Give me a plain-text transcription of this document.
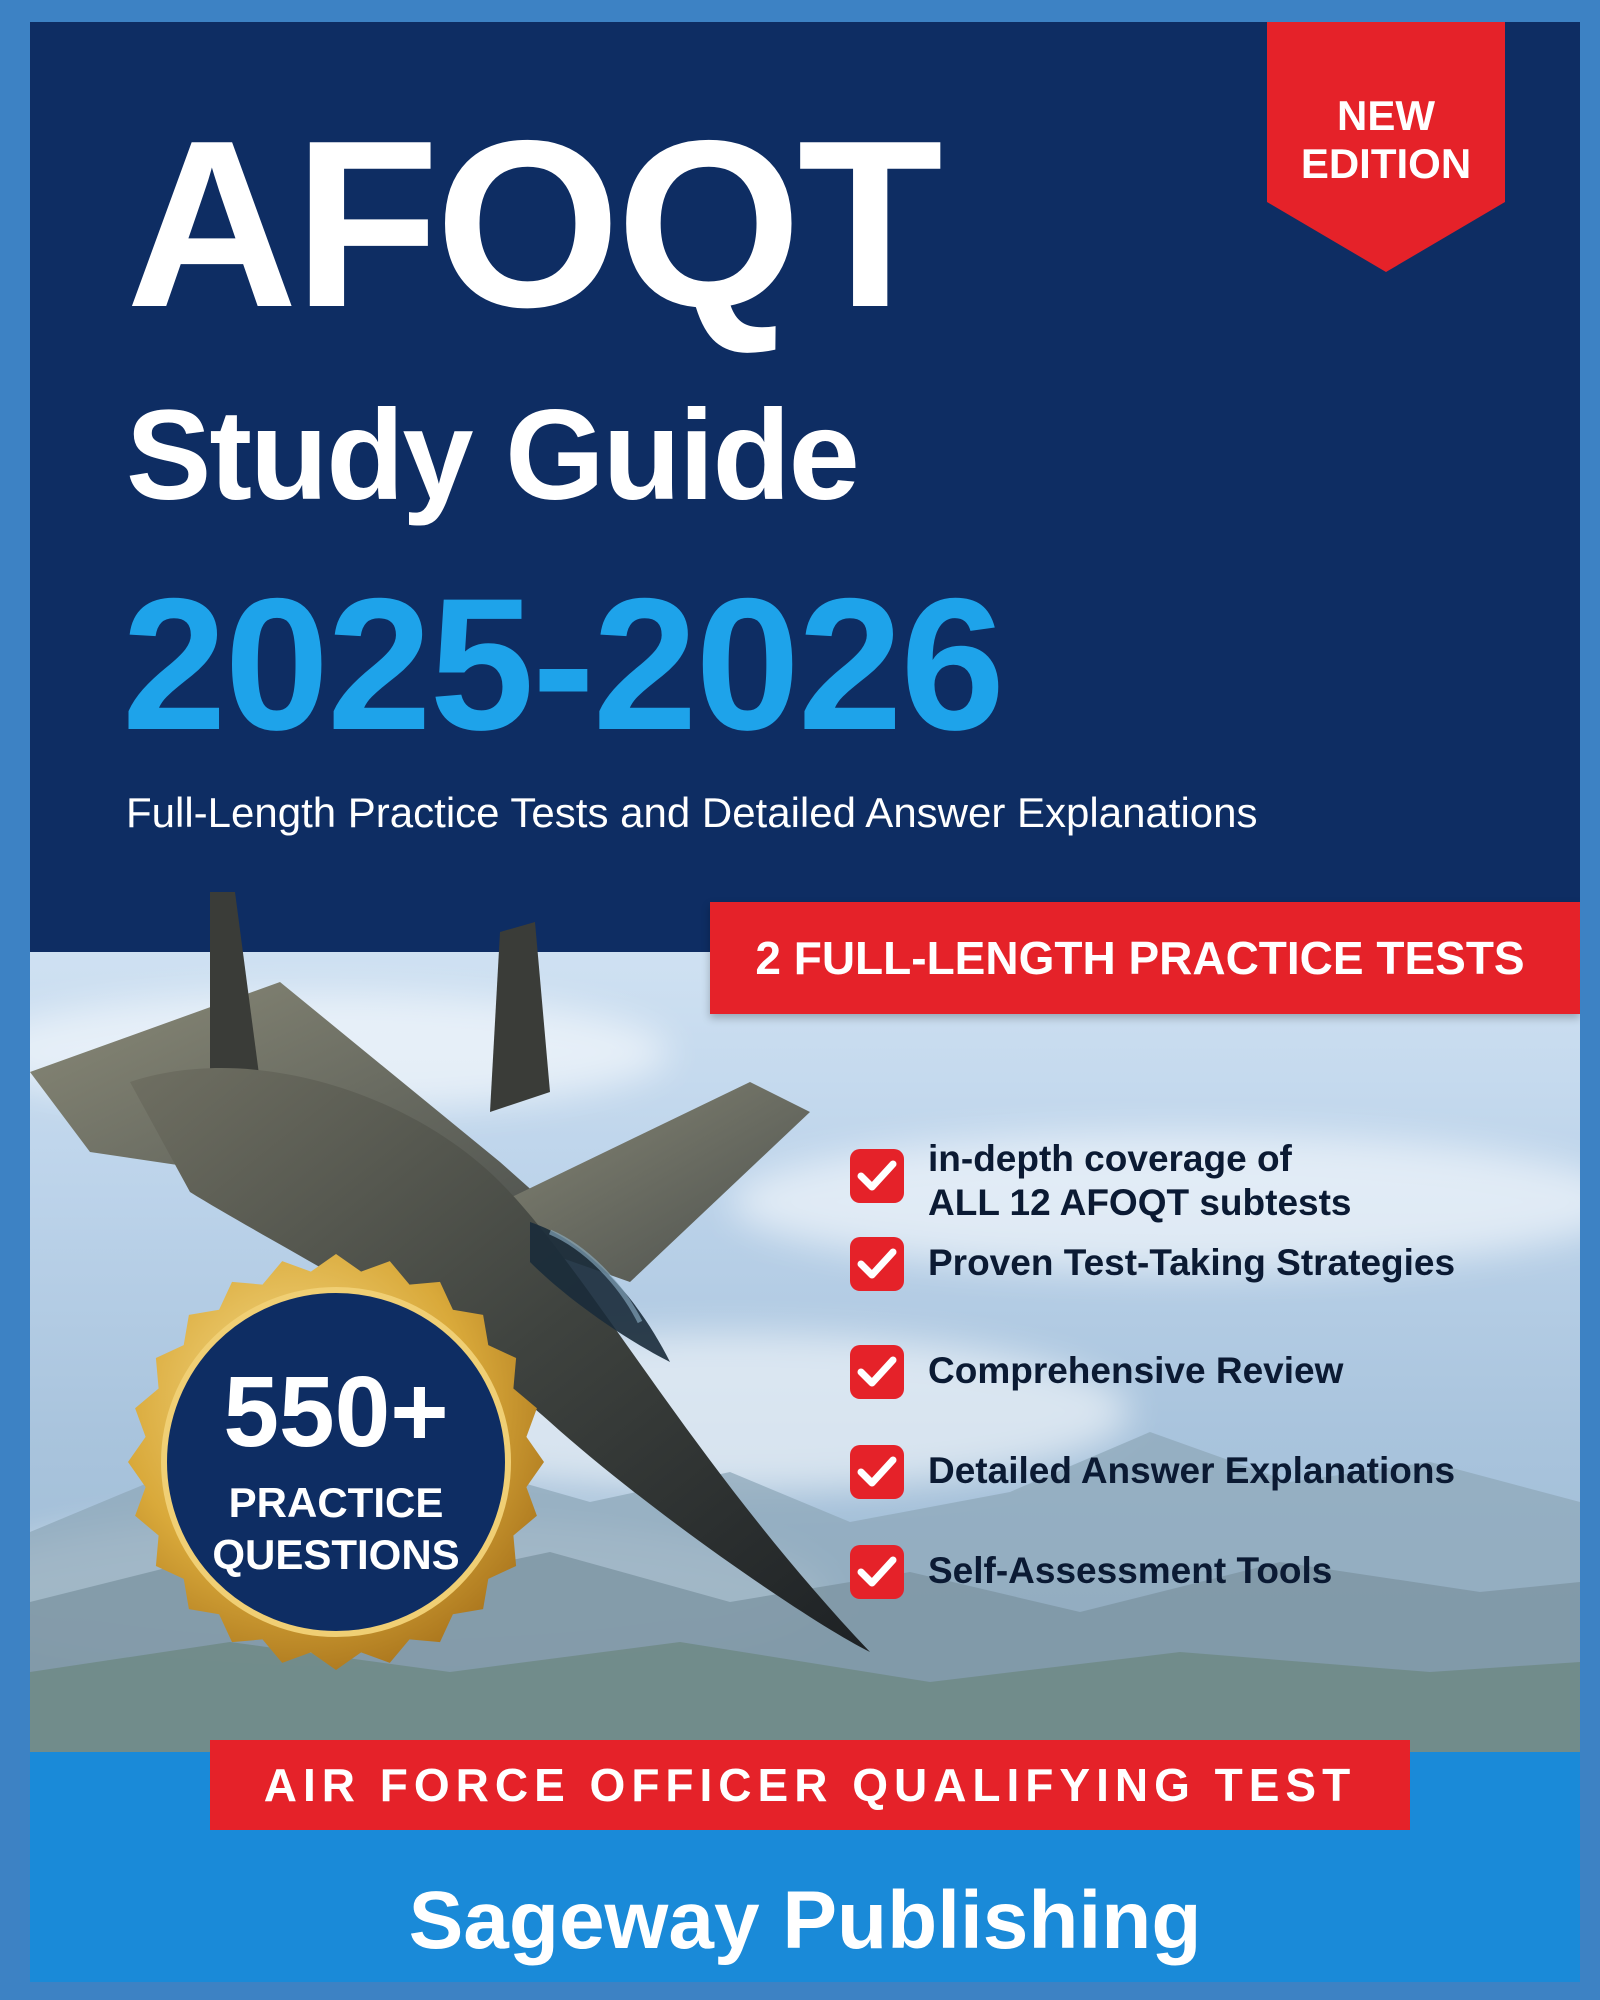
AFOQT
Study Guide
2025-2026
Full-Length Practice Tests and Detailed Answer Explanations
NEW
EDITION
2 FULL-LENGTH PRACTICE TESTS
in-depth coverage of
ALL 12 AFOQT subtests
Proven Test-Taking Strategies
Comprehensive Review
Detailed Answer Explanations
Self-Assessment Tools
550+
PRACTICE
QUESTIONS
AIR FORCE OFFICER QUALIFYING TEST
Sageway Publishing
